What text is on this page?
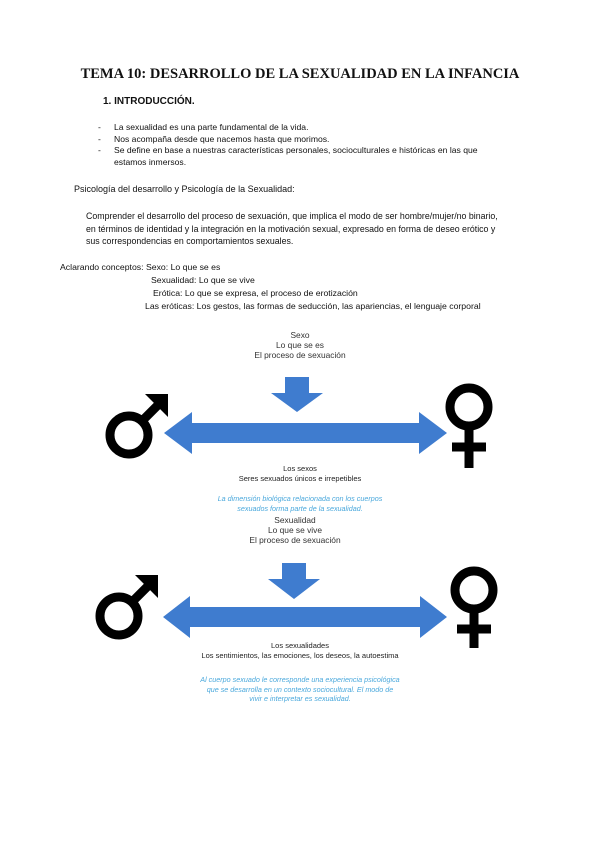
TEMA 10: DESARROLLO DE LA SEXUALIDAD EN LA INFANCIA
1. INTRODUCCIÓN.
- La sexualidad es una parte fundamental de la vida.
- Nos acompaña desde que nacemos hasta que morimos.
- Se define en base a nuestras características personales, socioculturales e históricas en las que estamos inmersos.
Psicología del desarrollo y Psicología de la Sexualidad:
Comprender el desarrollo del proceso de sexuación, que implica el modo de ser hombre/mujer/no binario, en términos de identidad y la integración en la motivación sexual, expresado en forma de deseo erótico y sus correspondencias en comportamientos sexuales.
Aclarando conceptos: Sexo: Lo que se es
Sexualidad: Lo que se vive
Erótica: Lo que se expresa, el proceso de erotización
Las eróticas: Los gestos, las formas de seducción, las apariencias, el lenguaje corporal
Sexo
Lo que se es
El proceso de sexuación
Los sexos
Seres sexuados únicos e irrepetibles
La dimensión biológica relacionada con los cuerpos
sexuados forma parte de la sexualidad.
Sexualidad
Lo que se vive
El proceso de sexuación
Los sexualidades
Los sentimientos, las emociones, los deseos, la autoestima
Al cuerpo sexuado le corresponde una experiencia psicológica
que se desarrolla en un contexto sociocultural. El modo de
vivir e interpretar es sexualidad.
